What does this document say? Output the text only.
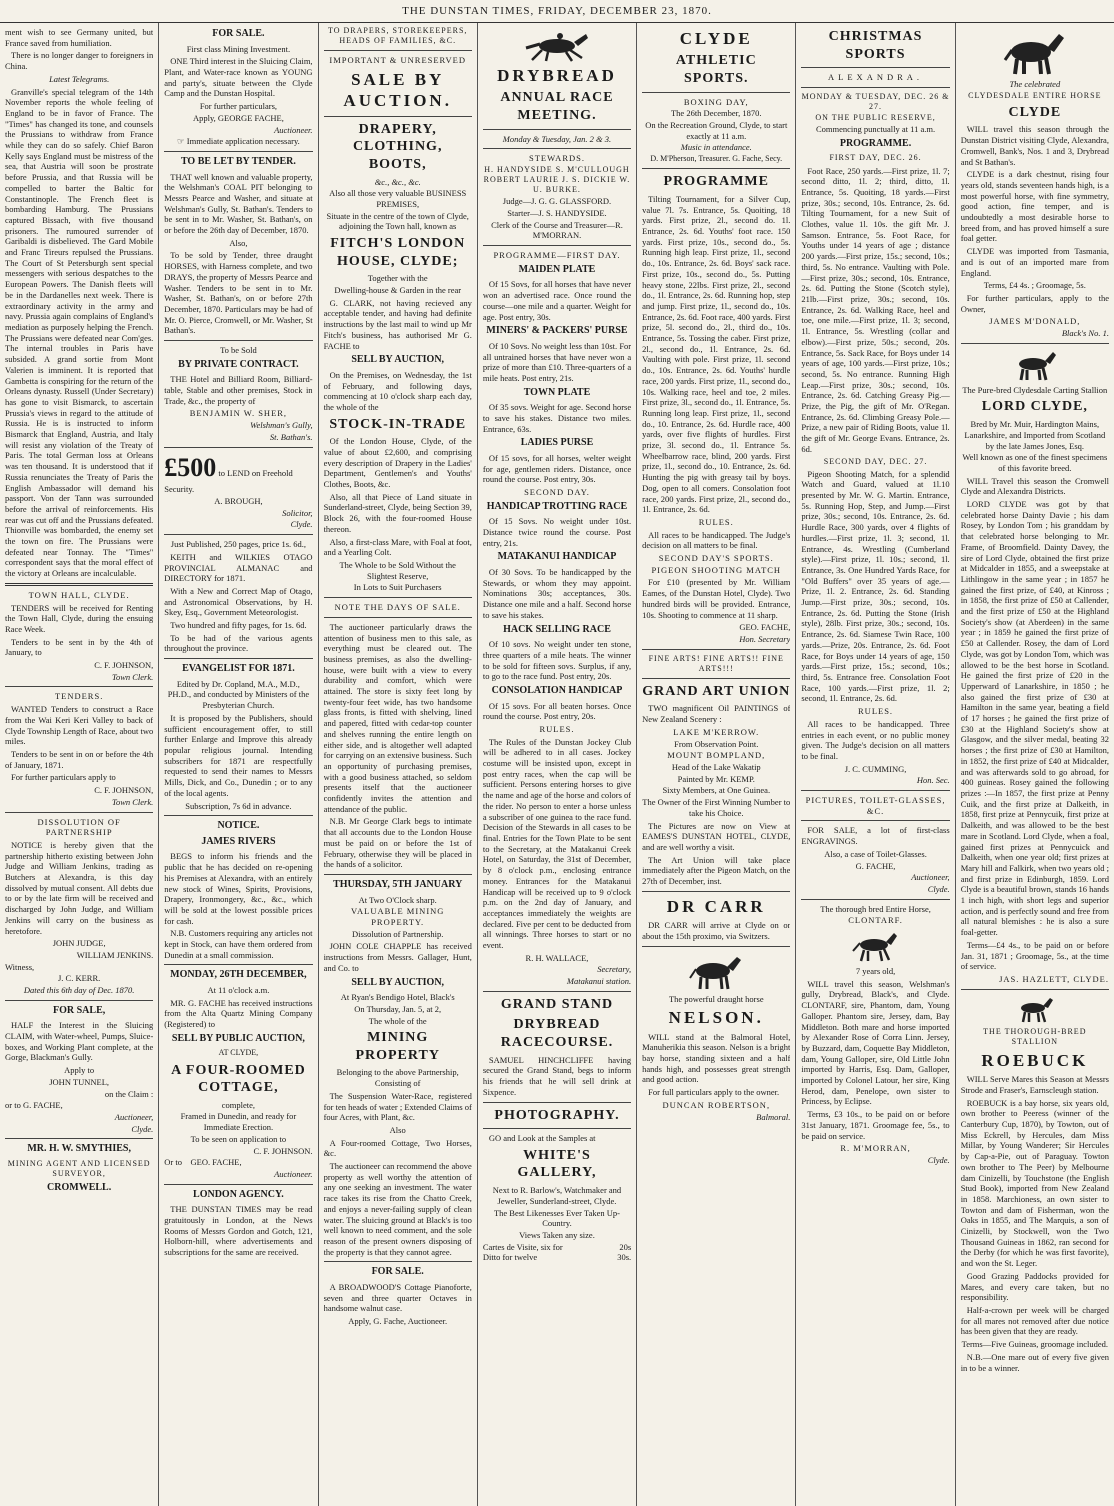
THE DUNSTAN TIMES, FRIDAY, DECEMBER 23, 1870.

ment wish to see Germany united, but France saved from humiliation.

There is no longer danger to foreigners in China.

Latest Telegrams.

Granville's special telegram of the 14th November reports the whole feeling of England to be in favor of France. The "Times" has changed its tone, and counsels the Prussians to withdraw from France while they can do so safely. Chief Baron Kelly says England must be mistress of the sea, that Austria will soon be prostrate before Prussia, and that Russia will be compelled to barter the Baltic for Constantinople. The French fleet is bombarding Hamburg. The Prussians captured Bissach, with five thousand prisoners. The rumoured surrender of Garibaldi is disbelieved. The Gard Mobile and Franc Tireurs repulsed the Prussians. The Court of St Petersburgh sent special messengers with serious despatches to the European Powers. The Danish fleets will be in the Dardanelles next week. There is extraordinary activity in the army and navy. Prussia again complains of England's mediation as purposely helping the French. The Prussians were defeated near Com'ges. The internal troubles in Paris have subsided. A grand sortie from Mont Valerien is imminent. It is reported that Gambetta is conspiring for the return of the Orleans dynasty. Russell (Under Secretary) has gone to visit Bismarck, to ascertain Prussia's views in regard to the attitude of Russia. He is is instructed to inform Bismarck that England, Austria, and Italy will resist any violation of the Treaty of Paris. The total German loss at Orleans was ten thousand. It is understood that if Russia renunciates the Treaty of Paris the English Ambassador will demand his passport. Von der Tann was surrounded before the arrival of reinforcements. His rear was cut off and the Prussians defeated. Thionville was bombarded, the enemy set the town on fire. The Prussians were defeated near Tonnay. The "Times" correspondent says that the moral effect of the victory at Orleans are incalculable.

TOWN HALL, CLYDE.

TENDERS will be received for Renting the Town Hall, Clyde, during the ensuing Race Week.

Tenders to be sent in by the 4th of January, to

C. F. JOHNSON,
Town Clerk.
TENDERS.

WANTED Tenders to construct a Race from the Wai Keri Keri Valley to back of Clyde Township Length of Race, about two miles.

Tenders to be sent in on or before the 4th of January, 1871.

For further particulars apply to

C. F. JOHNSON,
Town Clerk.
DISSOLUTION OF PARTNERSHIP

NOTICE is hereby given that the partnership hitherto existing between John Judge and William Jenkins, trading as Butchers at Alexandra, is this day dissolved by mutual consent. All debts due to or by the late firm will be received and discharged by John Judge, and William Jenkins will carry on the business as heretofore.

JOHN JUDGE,
WILLIAM JENKINS.
Witness,
J. C. KERR.
Dated this 6th day of Dec. 1870.
FOR SALE,

HALF the Interest in the Sluicing CLAIM, with Water-wheel, Pumps, Sluice-boxes, and Working Plant complete, at the Gorge, Blackman's Gully.

Apply to
JOHN TUNNEL,
on the Claim :
or to G. FACHE,
Auctioneer,
Clyde.
MR. H. W. SMYTHIES,
MINING AGENT AND LICENSED SURVEYOR,
CROMWELL.
FOR SALE.
First class Mining Investment.

ONE Third interest in the Sluicing Claim, Plant, and Water-race known as YOUNG and party's, situate between the Clyde Camp and the Dunstan Hospital.

For further particulars,
Apply, GEORGE FACHE,
Auctioneer.
☞ Immediate application necessary.
TO BE LET BY TENDER.

THAT well known and valuable property, the Welshman's COAL PIT belonging to Messrs Pearce and Washer, and situate at Welshman's Gully, St. Bathan's. Tenders to be sent in to Mr. Washer, St. Bathan's, on or before the 26th day of December, 1870.

Also,

To be sold by Tender, three draught HORSES, with Harness complete, and two DRAYS, the property of Messrs Pearce and Washer. Tenders to be sent in to Mr. Washer, St. Bathan's, on or before 27th December, 1870. Particulars may be had of Mr. O. Pierce, Cromwell, or Mr. Washer, St Bathan's.

To be Sold
BY PRIVATE CONTRACT.

THE Hotel and Billiard Room, Billiard-table, Stable and other premises, Stock in Trade, &c., the property of

BENJAMIN W. SHER,
Welshman's Gully,
St. Bathan's.
£500 to LEND on Freehold Security.
A. BROUGH,
Solicitor,
Clyde.
Just Published, 250 pages, price 1s. 6d.,

KEITH and WILKIES OTAGO PROVINCIAL ALMANAC and DIRECTORY for 1871.

With a New and Correct Map of Otago, and Astronomical Observations, by H. Skey, Esq., Government Meteorologist.

Two hundred and fifty pages, for 1s. 6d.

To be had of the various agents throughout the province.

EVANGELIST FOR 1871.
Edited by Dr. Copland, M.A., M.D., PH.D., and conducted by Ministers of the Presbyterian Church.

It is proposed by the Publishers, should sufficient encouragement offer, to still further Enlarge and Improve this already popular religious journal. Intending subscribers for 1871 are respectfully requested to send their names to Messrs Mills, Dick, and Co., Dunedin ; or to any of the local agents.

Subscription, 7s 6d in advance.
NOTICE.
JAMES RIVERS

BEGS to inform his friends and the public that he has decided on re-opening his Premises at Alexandra, with an entirely new stock of Wines, Spirits, Provisions, Drapery, Ironmongery, &c., &c., which will be sold at the lowest possible prices for cash.

N.B. Customers requiring any articles not kept in Stock, can have them ordered from Dunedin at a small commission.

MONDAY, 26TH DECEMBER,
At 11 o'clock a.m.

MR. G. FACHE has received instructions from the Alta Quartz Mining Company (Registered) to

SELL BY PUBLIC AUCTION,
AT CLYDE,
A FOUR-ROOMED COTTAGE,
complete,
Framed in Dunedin, and ready for Immediate Erection.
To be seen on application to
C. F. JOHNSON.
Or to GEO. FACHE,
Auctioneer.
LONDON AGENCY.

THE DUNSTAN TIMES may be read gratuitously in London, at the News Rooms of Messrs Gordon and Gotch, 121, Holborn-hill, where advertisements and subscriptions for the same are received.

TO DRAPERS, STOREKEEPERS, HEADS OF FAMILIES, &C.
IMPORTANT & UNRESERVED
SALE BY AUCTION.
DRAPERY, CLOTHING, BOOTS,
&c., &c., &c.
Also all those very valuable BUSINESS PREMISES,
Situate in the centre of the town of Clyde, adjoining the Town hall, known as
FITCH'S LONDON HOUSE, CLYDE;
Together with the
Dwelling-house & Garden in the rear

G. CLARK, not having recieved any acceptable tender, and having had definite instructions by the last mail to wind up Mr Fitch's business, has authorised Mr G. FACHE to

SELL BY AUCTION,

On the Premises, on Wednesday, the 1st of February, and following days, commencing at 10 o'clock sharp each day, the whole of the

STOCK-IN-TRADE

Of the London House, Clyde, of the value of about £2,600, and comprising every description of Drapery in the Ladies' Department, Gentlemen's and Youths' Clothes, Boots, &c.

Also, all that Piece of Land situate in Sunderland-street, Clyde, being Section 39, Block 26, with the four-roomed House thereon.

Also, a first-class Mare, with Foal at foot, and a Yearling Colt.

The Whole to be Sold Without the Slightest Reserve,
In Lots to Suit Purchasers
NOTE THE DAYS OF SALE.

The auctioneer particularly draws the attention of business men to this sale, as everything must be cleared out. The business premises, as also the dwelling-house, were built with a view to every durability and comfort, which were attained. The store is sixty feet long by twenty-four feet wide, has two handsome glass fronts, is fitted with shelving, lined and papered, fitted with cedar-top counter and shelves running the entire length on either side, and is altogether well adapted for carrying on an extensive business. Such an opportunity of purchasing premises, with a good business attached, so seldom presents itself that the auctioneer confidently invites the attention and attendance of the public.

N.B. Mr George Clark begs to intimate that all accounts due to the London House must be paid on or before the 1st of February, otherwise they will be placed in the hands of a solicitor.

THURSDAY, 5TH JANUARY
At Two O'Clock sharp.
VALUABLE MINING PROPERTY.
Dissolution of Partnership.

JOHN COLE CHAPPLE has received instructions from Messrs. Gallager, Hunt, and Co. to

SELL BY AUCTION,
At Ryan's Bendigo Hotel, Black's
On Thursday, Jan. 5, at 2,
The whole of the
MINING PROPERTY
Belonging to the above Partnership, Consisting of

The Suspension Water-Race, registered for ten heads of water ; Extended Claims of four Acres, with Plant, &c.

Also

A Four-roomed Cottage, Two Horses, &c.

The auctioneer can recommend the above property as well worthy the attention of any one seeking an investment. The water race takes its rise from the Chatto Creek, and enjoys a never-failing supply of clean water. The sluicing ground at Black's is too well known to need comment, and the sole reason of the present owners disposing of the property is that they cannot agree.

FOR SALE.

A BROADWOOD'S Cottage Pianoforte, seven and three quarter Octaves in handsome walnut case.

Apply, G. Fache, Auctioneer.
DRYBREAD
ANNUAL RACE MEETING.
Monday & Tuesday, Jan. 2 & 3.
STEWARDS.
H. HANDYSIDE S. M'CULLOUGH ROBERT LAURIE J. S. DICKIE W. U. BURKE.
Judge—J. G. G. GLASSFORD.
Starter—J. S. HANDYSIDE.
Clerk of the Course and Treasurer—R. M'MORRAN.
PROGRAMME—FIRST DAY.
MAIDEN PLATE

Of 15 Sovs, for all horses that have never won an advertised race. Once round the course—one mile and a quarter. Weight for age. Post entry, 30s.

MINERS' & PACKERS' PURSE

Of 10 Sovs. No weight less than 10st. For all untrained horses that have never won a prize of more than £10. Three-quarters of a mile heats. Post entry, 21s.

TOWN PLATE

Of 35 sovs. Weight for age. Second horse to save his stakes. Distance two miles. Entrance, 63s.

LADIES PURSE

Of 15 sovs, for all horses, welter weight for age, gentlemen riders. Distance, once round the course. Post entry, 30s.

SECOND DAY.
HANDICAP TROTTING RACE

Of 15 Sovs. No weight under 10st. Distance twice round the course. Post entry, 21s.

MATAKANUI HANDICAP

Of 30 Sovs. To be handicapped by the Stewards, or whom they may appoint. Nominations 30s; acceptances, 30s. Distance one mile and a half. Second horse to save his stakes.

HACK SELLING RACE

Of 10 sovs. No weight under ten stone, three quarters of a mile heats. The winner to be sold for fifteen sovs. Surplus, if any, to go to the race fund. Post entry, 20s.

CONSOLATION HANDICAP

Of 15 sovs. For all beaten horses. Once round the course. Post entry, 20s.

RULES.

The Rules of the Dunstan Jockey Club will be adhered to in all cases. Jockey costume will be insisted upon, except in post entry races, when the cap will be sufficient. Persons entering horses to give the name and age of the horse and colors of the rider. No person to enter a horse unless a subscriber of one guinea to the race fund. Decision of the Stewards in all cases to be final. Entries for the Town Plate to be sent to the Secretary, at the Matakanui Creek Hotel, on Saturday, the 31st of December, by 8 o'clock p.m., enclosing entrance money. Entrances for the Matakanui Handicap will be received up to 9 o'clock p.m. on the 2nd day of January, and acceptances immediately the weights are declared. Five per cent to be deducted from all winnings. Three horses to start or no event.

R. H. WALLACE,
Secretary,
Matakanui station.
GRAND STAND
DRYBREAD RACECOURSE.

SAMUEL HINCHCLIFFE having secured the Grand Stand, begs to inform his friends that he will sell drink at Sixpence.

PHOTOGRAPHY.

GO and Look at the Samples at

WHITE'S GALLERY,
Next to R. Barlow's, Watchmaker and Jeweller, Sunderland-street, Clyde.
The Best Likenesses Ever Taken Up-Country.
Views Taken any size.
Cartes de Visite, six for	20s
Ditto for twelve	30s.
CLYDE
ATHLETIC SPORTS.
BOXING DAY,
The 26th December, 1870.
On the Recreation Ground, Clyde, to start exactly at 11 a.m.
Music in attendance.
D. M'Pherson, Treasurer. G. Fache, Secy.
PROGRAMME

Tilting Tournament, for a Silver Cup, value 7l. 7s. Entrance, 5s. Quoiting, 18 yards. First prize, 2l., second do. 1l. Entrance, 2s. 6d. Youths' foot race. 150 yards. First prize, 10s., second do., 5s. Running high leap. First prize, 1l., second do., 10s. Entrance, 2s. 6d. Boys' sack race. First prize, 10s., second do., 5s. Putting heavy stone, 22lbs. First prize, 2l., second do., 1l. Entrance, 2s. 6d. Running hop, step and jump. First prize, 1l., second do., 10s. Entrance, 2s. 6d. Foot race, 400 yards. First prize, 5l. second do., 2l., third do., 10s. Entrance, 5s. Tossing the caber. First prize, 2l., second do., 1l. Entrance, 2s. 6d. Vaulting with pole. First prize, 1l. second do., 10s. Entrance, 2s. 6d. Youths' hurdle race, 200 yards. First prize, 1l., second do., 10s. Walking race, heel and toe, 2 miles. First prize, 3l., second do., 1l. Entrance, 5s. Running long leap. First prize, 1l., second do., 10. Entrance, 2s. 6d. Hurdle race, 400 yards, over five flights of hurdles. First prize, 3l. second do., 1l. Entrance 5s. Wheelbarrow race, blind, 200 yards. First prize, 1l., second do., 10. Entrance, 2s. 6d. Hunting the pig with greasy tail by boys. Dog, open to all comers. Consolation foot race, 200 yards. First prize, 2l., second do., 1l. Entrance, 2s. 6d.

RULES.

All races to be handicapped. The Judge's decision on all matters to be final.

SECOND DAY'S SPORTS.
PIGEON SHOOTING MATCH

For £10 (presented by Mr. William Eames, of the Dunstan Hotel, Clyde). Two hundred birds will be provided. Entrance, 10s. Shooting to commence at 11 sharp.

GEO. FACHE,
Hon. Secretary
FINE ARTS! FINE ARTS!! FINE ARTS!!!
GRAND ART UNION

TWO magnificent Oil PAINTINGS of New Zealand Scenery :

LAKE M'KERROW.
From Observation Point.
MOUNT BOMPLAND,
Head of the Lake Wakatip
Painted by Mr. KEMP.
Sixty Members, at One Guinea.
The Owner of the First Winning Number to take his Choice.

The Pictures are now on View at EAMES'S DUNSTAN HOTEL, CLYDE, and are well worthy a visit.

The Art Union will take place immediately after the Pigeon Match, on the 27th of December, inst.

DR CARR

DR CARR will arrive at Clyde on or about the 15th proximo, via Switzers.

The powerful draught horse
NELSON.

WILL stand at the Balmoral Hotel, Manuherikia this season. Nelson is a bright bay horse, standing sixteen and a half hands high, and possesses great strength and good action.

For full particulars apply to the owner.

DUNCAN ROBERTSON,
Balmoral.
CHRISTMAS SPORTS
ALEXANDRA.
MONDAY & TUESDAY, DEC. 26 & 27.
ON THE PUBLIC RESERVE,
Commencing punctually at 11 a.m.
PROGRAMME.
FIRST DAY, DEC. 26.

Foot Race, 250 yards.—First prize, 1l. 7; second ditto, 1l. 2; third, ditto, 1l. Entrance, 5s. Quoiting, 18 yards.—First prize, 30s.; second, 10s. Entrance, 2s. 6d. Tilting Tournament, for a new Suit of Clothes, value 1l. 10s. the gift Mr. J. Samson. Entrance, 5s. Foot Race, for Youths under 14 years of age ; distance 200 yards.—First prize, 15s.; second, 10s.; third, 5s. No entrance. Vaulting with Pole.—First prize, 30s.; second, 10s. Entrance, 2s. 6d. Putting the Stone (Scotch style), 21lb.—First prize, 30s.; second, 10s. Entrance, 2s. 6d. Walking Race, heel and toe, one mile.—First prize, 1l. 3; second, 1l. Entrance, 5s. Wrestling (collar and elbow).—First prize, 50s.; second, 20s. Entrance, 5s. Sack Race, for Boys under 14 years of age, 100 yards.—First prize, 10s.; second, 5s. No entrance. Running High Leap.—First prize, 30s.; second, 10s. Entrance, 2s. 6d. Catching Greasy Pig.—Prize, the Pig, the gift of Mr. O'Regan. Entrance, 2s. 6d. Climbing Greasy Pole.—Prize, a new pair of Riding Boots, value 1l. the gift of Mr. George Evans. Entrance, 2s. 6d.

SECOND DAY, DEC. 27.

Pigeon Shooting Match, for a splendid Watch and Guard, valued at 1l.10 presented by Mr. W. G. Martin. Entrance, 5s. Running Hop, Step, and Jump.—First prize, 30s.; second, 10s. Entrance, 2s. 6d. Hurdle Race, 300 yards, over 4 flights of hurdles.—First prize, 1l. 3; second, 1l. Entrance, 4s. Wrestling (Cumberland style).—First prize, 1l. 10s.; second, 1l. Entrance, 3s. One Hundred Yards Race, for "Old Buffers" over 35 years of age.—Prize, 1l. 2. Entrance, 2s. 6d. Standing Jump.—First prize, 30s.; second, 10s. Entrance, 2s. 6d. Putting the Stone (Irish style), 28lb. First prize, 30s.; second, 10s. Entrance, 2s. 6d. Siamese Twin Race, 100 yards.—Prize, 20s. Entrance, 2s. 6d. Foot Race, for Boys under 14 years of age, 150 yards.—First prize, 15s.; second, 10s.; third, 5s. Entrance free. Consolation Foot Race, 100 yards.—First prize, 1l. 2; second, 1l. Entrance, 2s. 6d.

RULES.

All races to be handicapped. Three entries in each event, or no public money given. The Judge's decision on all matters to be final.

J. C. CUMMING,
Hon. Sec.
PICTURES, TOILET-GLASSES, &C.

FOR SALE, a lot of first-class ENGRAVINGS.

Also, a case of Toilet-Glasses.
G. FACHE,
Auctioneer,
Clyde.
The thorough bred Entire Horse,
CLONTARF.
7 years old,

WILL travel this season, Welshman's gully, Drybread, Black's, and Clyde. CLONTARF, sire, Phantom, dam, Young Galloper. Phantom sire, Jersey, dam, Bay Middleton. Both mare and horse imported by Alexander Rose of Corra Linn. Jersey, by Buzzard, dam, Coquette Bay Middleton, dam, Young Galloper, sire, Old Little John imported by Harris, Esq. Dam, Galloper, imported by Colonel Latour, her sire, King Herod, dam, Penelope, own sister to Princess, by Eclipse.

Terms, £3 10s., to be paid on or before 31st January, 1871. Groomage fee, 5s., to be paid on service.

R. M'MORRAN,
Clyde.
The celebrated
CLYDESDALE ENTIRE HORSE
CLYDE

WILL travel this season through the Dunstan District visiting Clyde, Alexandra, Cromwell, Bank's, Nos. 1 and 3, Drybread and St Bathan's.

CLYDE is a dark chestnut, rising four years old, stands seventeen hands high, is a most powerful horse, with fine symmetry, good action, fine temper, and is undoubtedly a most desirable horse to breed from, and has proved himself a sure foal getter.

CLYDE was imported from Tasmania, and is out of an imported mare from England.

Terms, £4 4s. ; Groomage, 5s.

For further particulars, apply to the Owner,

JAMES M'DONALD,
Black's No. 1.
The Pure-bred Clydesdale Carting Stallion
LORD CLYDE,
Bred by Mr. Muir, Hardington Mains, Lanarkshire, and Imported from Scotland by the late James Jones, Esq.
Well known as one of the finest specimens of this favorite breed.

WILL Travel this season the Cromwell Clyde and Alexandra Districts.

LORD CLYDE was got by that celebrated horse Dainty Davie ; his dam Rosey, by London Tom ; his granddam by that celebrated horse belonging to Mr. Frame, of Broomfield. Dainty Davey, the sire of Lord Clyde, obtained the first prize at Midcalder in 1855, and a sweepstake at Lithlingow in the same year ; in 1857 he gained the first prize, of £40, at Kinross ; in 1858, the first prize of £50 at Callender, and the first prize of £50 at the Highland Society's show (at Aberdeen) in the same year ; in 1859 he gained the first prize of £50 at Callender. Rosey, the dam of Lord Clyde, was got by London Tom, which was allowed to be the best horse in Scotland. He gained the first prize of £20 in the Upperward of Lanarkshire, in 1850 ; he also gained the first prize of £30 at Hamilton in the same year, beating a field of 17 horses ; he gained the first prize of £30 at the Highland Society's show at Glasgow, and the silver medal, beating 32 horses ; the first prize of £30 at Hamilton, in 1852, the first prize of £40 at Midcalder, and was afterwards sold to go abroad, for 400 guineas. Rosey gained the following prizes :—In 1857, the first prize at Penny Cuik, and the first prize at Dalkeith, in 1858, first prize at Pennycuik, first prize at Dalkeith, and was allowed to be the best mare in Scotland. Lord Clyde, when a foal, gained first prizes at Pennycuick and Dalkeith, when one year old; first prizes at Mary hill and Falkirk, when two years old ; and first prize in Edinburgh, 1859. Lord Clyde is a beautiful brown, stands 16 hands 1 inch high, with short legs and superior action, and is perfectly sound and free from all natural blemishes : he is also a sure foal-getter.

Terms—£4 4s., to be paid on or before Jan. 31, 1871 ; Groomage, 5s., at the time of service.

JAS. HAZLETT, CLYDE.
THE THOROUGH-BRED STALLION
ROEBUCK

WILL Serve Mares this Season at Messrs Strode and Fraser's, Earnscleugh station.

ROEBUCK is a bay horse, six years old, own brother to Peeress (winner of the Canterbury Cup, 1870), by Towton, out of Miss Eckrell, by Hercules, dam Miss Millar, by Young Wanderer; Sir Hercules by Cap-a-Pie, out of Paraguay. Towton own brother to The Peer) by Melbourne dam Cinizelli, by Touchstone (the English Stud Book), imported from New Zealand in 1858. Marchioness, an own sister to Towton and dam of Fisherman, won the Oaks in 1855, and The Marquis, a son of Cinizelli, by Stockwell, won the Two Thousand Guineas in 1862, ran second for the Derby (for which he was first favorite), and won the St. Leger.

Good Grazing Paddocks provided for Mares, and every care taken, but no responsibility.

Half-a-crown per week will be charged for all mares not removed after due notice has been given that they are ready.

Terms—Five Guineas, groomage included.

N.B.—One mare out of every five given in to be a winner.
